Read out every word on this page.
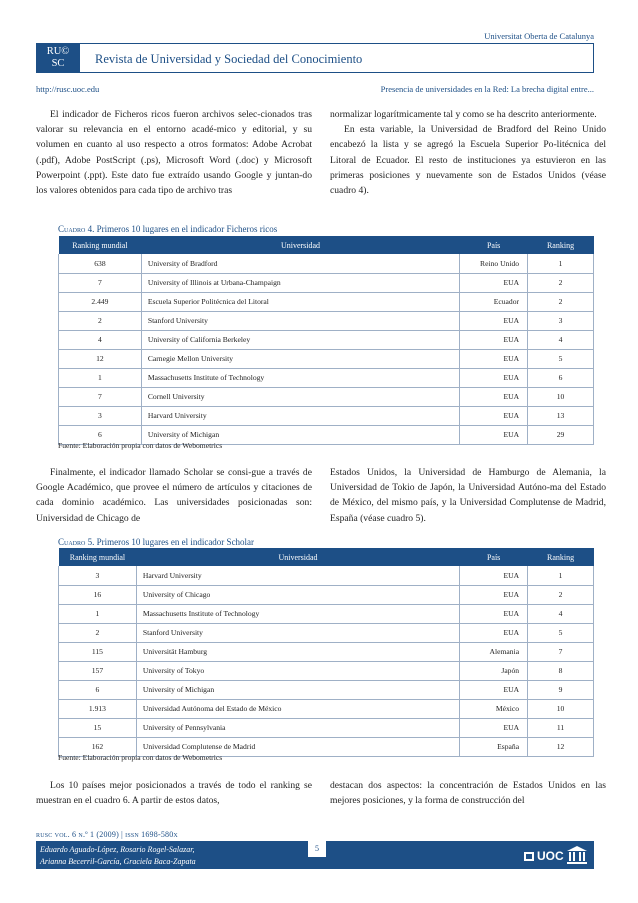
Universitat Oberta de Catalunya
RU©
SC	Revista de Universidad y Sociedad del Conocimiento
http://rusc.uoc.edu	Presencia de universidades en la Red: La brecha digital entre...

El indicador de Ficheros ricos fueron archivos selec-cionados tras valorar su relevancia en el entorno acadé-mico y editorial, y su volumen en cuanto al uso respecto a otros formatos: Adobe Acrobat (.pdf), Adobe PostScript (.ps), Microsoft Word (.doc) y Microsoft Powerpoint (.ppt). Este dato fue extraído usando Google y juntan-do los valores obtenidos para cada tipo de archivo tras

normalizar logarítmicamente tal y como se ha descrito anteriormente.

En esta variable, la Universidad de Bradford del Reino Unido encabezó la lista y se agregó la Escuela Superior Po-litécnica del Litoral de Ecuador. El resto de instituciones ya estuvieron en las primeras posiciones y nuevamente son de Estados Unidos (véase cuadro 4).

Cuadro 4. Primeros 10 lugares en el indicador Ficheros ricos
Ranking mundial	Universidad	País	Ranking
638	University of Bradford	Reino Unido	1
7	University of Illinois at Urbana-Champaign	EUA	2
2.449	Escuela Superior Politécnica del Litoral	Ecuador	2
2	Stanford University	EUA	3
4	University of California Berkeley	EUA	4
12	Carnegie Mellon University	EUA	5
1	Massachusetts Institute of Technology	EUA	6
7	Cornell University	EUA	10
3	Harvard University	EUA	13
6	University of Michigan	EUA	29
Fuente: Elaboración propia con datos de Webometrics

Finalmente, el indicador llamado Scholar se consi-gue a través de Google Académico, que provee el número de artículos y citaciones de cada dominio académico. Las universidades posicionadas son: Universidad de Chicago de

Estados Unidos, la Universidad de Hamburgo de Alemania, la Universidad de Tokio de Japón, la Universidad Autóno-ma del Estado de México, del mismo país, y la Universidad Complutense de Madrid, España (véase cuadro 5).

Cuadro 5. Primeros 10 lugares en el indicador Scholar
Ranking mundial	Universidad	País	Ranking
3	Harvard University	EUA	1
16	University of Chicago	EUA	2
1	Massachusetts Institute of Technology	EUA	4
2	Stanford University	EUA	5
115	Universität Hamburg	Alemania	7
157	University of Tokyo	Japón	8
6	University of Michigan	EUA	9
1.913	Universidad Autónoma del Estado de México	México	10
15	University of Pennsylvania	EUA	11
162	Universidad Complutense de Madrid	España	12
Fuente: Elaboración propia con datos de Webometrics

Los 10 países mejor posicionados a través de todo el ranking se muestran en el cuadro 6. A partir de estos datos,

destacan dos aspectos: la concentración de Estados Unidos en las mejores posiciones, y la forma de construcción del

rusc vol. 6 n.º 1 (2009) | issn 1698-580x
5
Eduardo Aguado-López, Rosario Rogel-Salazar,
Arianna Becerril-García, Graciela Baca-Zapata	UOC
